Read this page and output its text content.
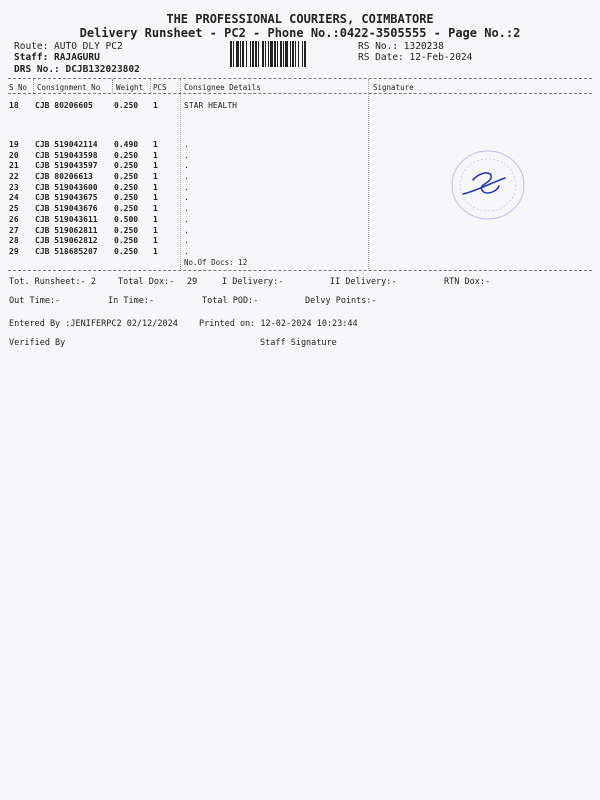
THE PROFESSIONAL COURIERS, COIMBATORE
Delivery Runsheet - PC2 - Phone No.:0422-3505555 - Page No.:2
Route: AUTO DLY PC2
Staff: RAJAGURU
DRS No.: DCJB132023802
RS No.: 1320238
RS Date: 12-Feb-2024
S No Consignment No Weight PCS Consignee Details	Signature
18 CJB 80206605	0.250 1	STAR HEALTH
19 CJB 519042114 0.490 1	.
20 CJB 519043598 0.250 1	.
21 CJB 519043597 0.250 1	.
22 CJB 80206613	0.250 1	.
23 CJB 519043600 0.250 1	.
24 CJB 519043675 0.250 1	.
25 CJB 519043676 0.250 1	.
26 CJB 519043611 0.500 1	.
27 CJB 519062811 0.250 1	.
28 CJB 519062812 0.250 1	.
29 CJB 518685207 0.250 1	.
No.Of Docs: 12
Tot. Runsheet:- 2	Total Dox:- 29	I Delivery:-	II Delivery:-	RTN Dox:-
Out Time:-	In Time:-	Total POD:-	Delvy Points:-
Entered By :JENIFERPC2 02/12/2024 Printed on: 12-02-2024 10:23:44
Verified By	Staff Signature
